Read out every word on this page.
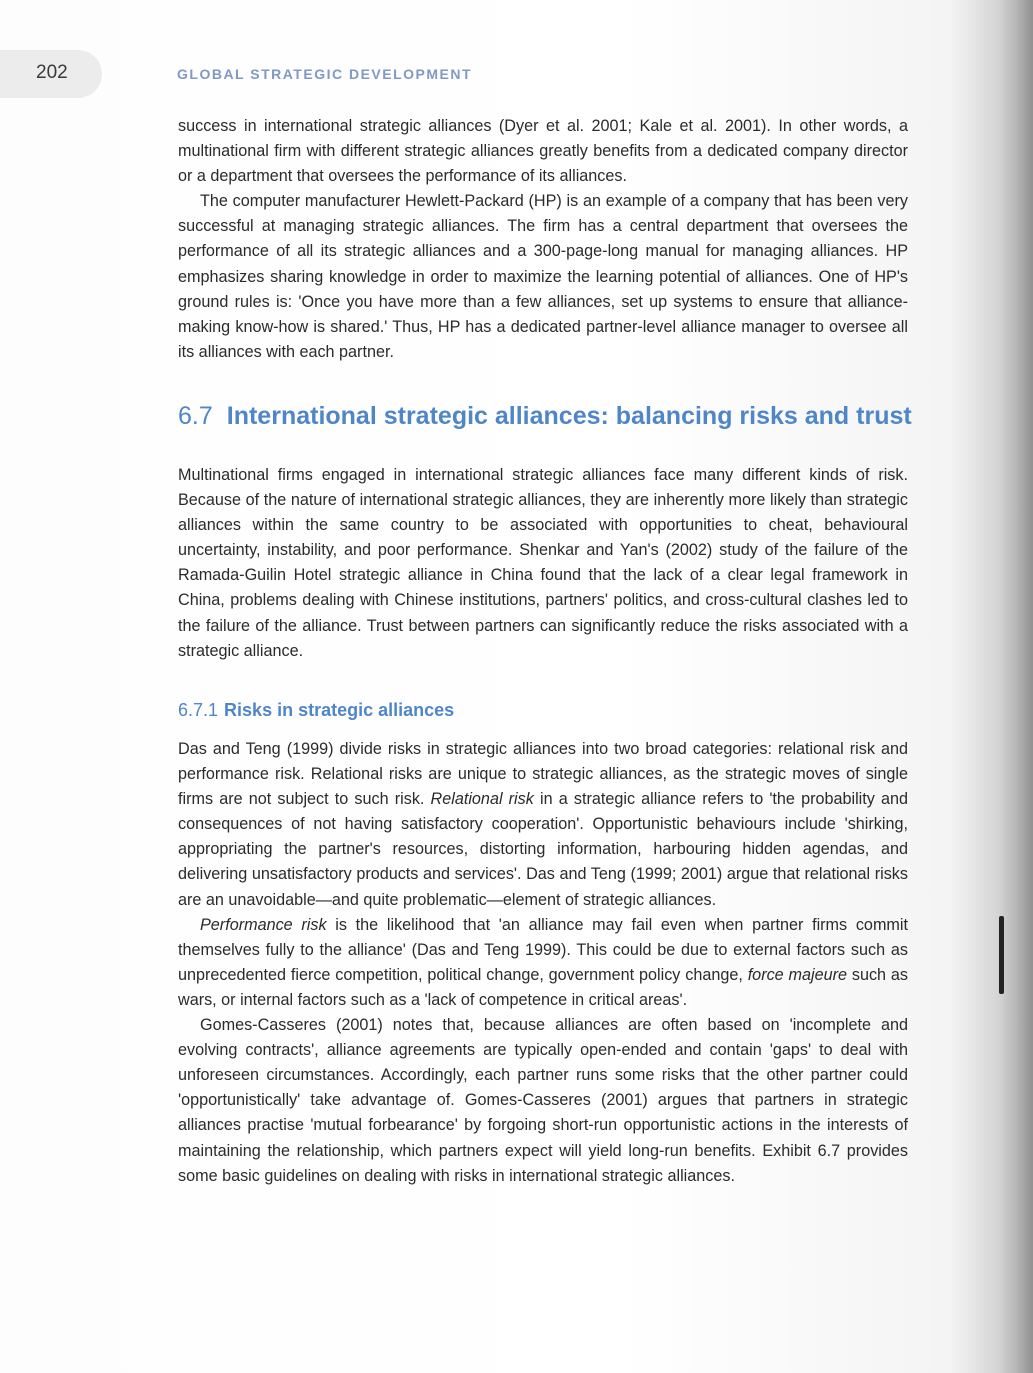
202	GLOBAL STRATEGIC DEVELOPMENT

success in international strategic alliances (Dyer et al. 2001; Kale et al. 2001). In other words, a multinational firm with different strategic alliances greatly benefits from a dedicated company director or a department that oversees the performance of its alliances.

The computer manufacturer Hewlett-Packard (HP) is an example of a company that has been very successful at managing strategic alliances. The firm has a central department that oversees the performance of all its strategic alliances and a 300-page-long manual for managing alliances. HP emphasizes sharing knowledge in order to maximize the learning potential of alliances. One of HP's ground rules is: 'Once you have more than a few alliances, set up systems to ensure that alliance-making know-how is shared.' Thus, HP has a dedicated partner-level alliance manager to oversee all its alliances with each partner.

6.7 International strategic alliances: balancing risks and trust

Multinational firms engaged in international strategic alliances face many different kinds of risk. Because of the nature of international strategic alliances, they are inherently more likely than strategic alliances within the same country to be associated with opportunities to cheat, behavioural uncertainty, instability, and poor performance. Shenkar and Yan's (2002) study of the failure of the Ramada-Guilin Hotel strategic alliance in China found that the lack of a clear legal framework in China, problems dealing with Chinese institutions, partners' politics, and cross-cultural clashes led to the failure of the alliance. Trust between partners can significantly reduce the risks associated with a strategic alliance.

6.7.1 Risks in strategic alliances

Das and Teng (1999) divide risks in strategic alliances into two broad categories: relational risk and performance risk. Relational risks are unique to strategic alliances, as the strategic moves of single firms are not subject to such risk. Relational risk in a strategic alliance refers to 'the probability and consequences of not having satisfactory cooperation'. Opportunistic behaviours include 'shirking, appropriating the partner's resources, distorting information, harbouring hidden agendas, and delivering unsatisfactory products and services'. Das and Teng (1999; 2001) argue that relational risks are an unavoidable—and quite problematic—element of strategic alliances.

Performance risk is the likelihood that 'an alliance may fail even when partner firms commit themselves fully to the alliance' (Das and Teng 1999). This could be due to external factors such as unprecedented fierce competition, political change, government policy change, force majeure such as wars, or internal factors such as a 'lack of competence in critical areas'.

Gomes-Casseres (2001) notes that, because alliances are often based on 'incomplete and evolving contracts', alliance agreements are typically open-ended and contain 'gaps' to deal with unforeseen circumstances. Accordingly, each partner runs some risks that the other partner could 'opportunistically' take advantage of. Gomes-Casseres (2001) argues that partners in strategic alliances practise 'mutual forbearance' by forgoing short-run opportunistic actions in the interests of maintaining the relationship, which partners expect will yield long-run benefits. Exhibit 6.7 provides some basic guidelines on dealing with risks in international strategic alliances.
